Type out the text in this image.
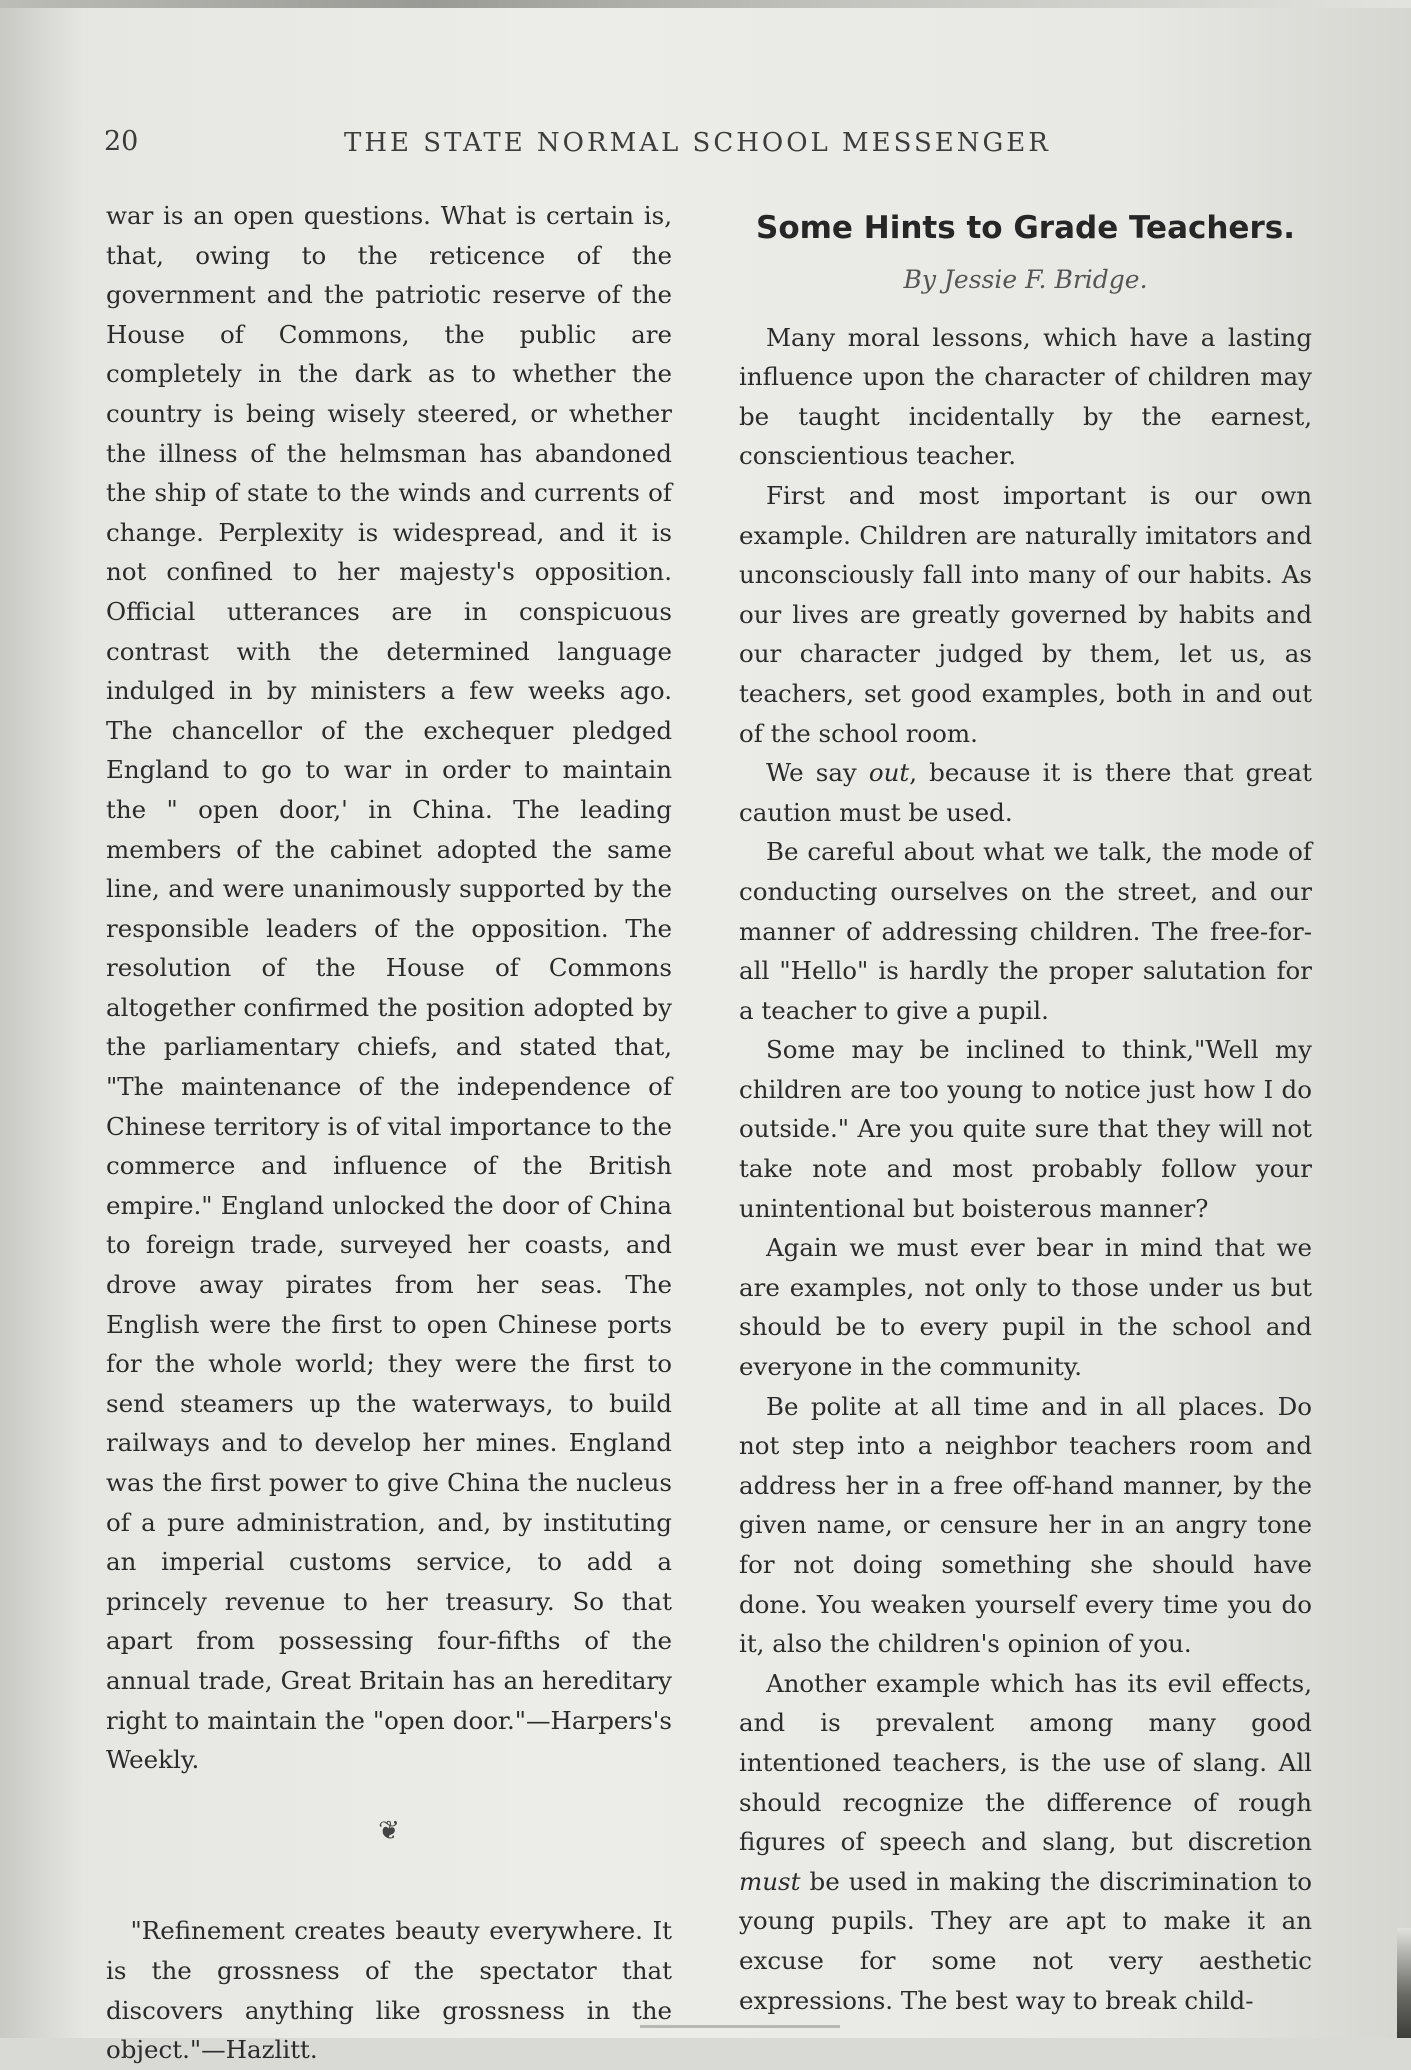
20	THE STATE NORMAL SCHOOL MESSENGER

war is an open questions. What is certain is, that, owing to the reticence of the government and the patriotic reserve of the House of Commons, the public are completely in the dark as to whether the country is being wisely steered, or whether the illness of the helmsman has abandoned the ship of state to the winds and currents of change. Perplexity is widespread, and it is not confined to her majesty's opposition. Official utterances are in conspicuous contrast with the determined language indulged in by ministers a few weeks ago. The chancellor of the exchequer pledged England to go to war in order to maintain the " open door,' in China. The leading members of the cabinet adopted the same line, and were unanimously supported by the responsible leaders of the opposition. The resolution of the House of Commons altogether confirmed the position adopted by the parliamentary chiefs, and stated that, "The maintenance of the independence of Chinese territory is of vital importance to the commerce and influence of the British empire." England unlocked the door of China to foreign trade, surveyed her coasts, and drove away pirates from her seas. The English were the first to open Chinese ports for the whole world; they were the first to send steamers up the waterways, to build railways and to develop her mines. England was the first power to give China the nucleus of a pure administration, and, by instituting an imperial customs service, to add a princely revenue to her treasury. So that apart from possessing four-fifths of the annual trade, Great Britain has an hereditary right to maintain the "open door."—Harpers's Weekly.

❦

"Refinement creates beauty everywhere. It is the grossness of the spectator that discovers anything like grossness in the object."—Hazlitt.

Some Hints to Grade Teachers.

By Jessie F. Bridge.

Many moral lessons, which have a lasting influence upon the character of children may be taught incidentally by the earnest, conscientious teacher.

First and most important is our own example. Children are naturally imitators and unconsciously fall into many of our habits. As our lives are greatly governed by habits and our character judged by them, let us, as teachers, set good examples, both in and out of the school room.

We say out, because it is there that great caution must be used.

Be careful about what we talk, the mode of conducting ourselves on the street, and our manner of addressing children. The free-for-all "Hello" is hardly the proper salutation for a teacher to give a pupil.

Some may be inclined to think,"Well my children are too young to notice just how I do outside." Are you quite sure that they will not take note and most probably follow your unintentional but boisterous manner?

Again we must ever bear in mind that we are examples, not only to those under us but should be to every pupil in the school and everyone in the community.

Be polite at all time and in all places. Do not step into a neighbor teachers room and address her in a free off-hand manner, by the given name, or censure her in an angry tone for not doing something she should have done. You weaken yourself every time you do it, also the children's opinion of you.

Another example which has its evil effects, and is prevalent among many good intentioned teachers, is the use of slang. All should recognize the difference of rough figures of speech and slang, but discretion must be used in making the discrimination to young pupils. They are apt to make it an excuse for some not very aesthetic expressions. The best way to break child-
